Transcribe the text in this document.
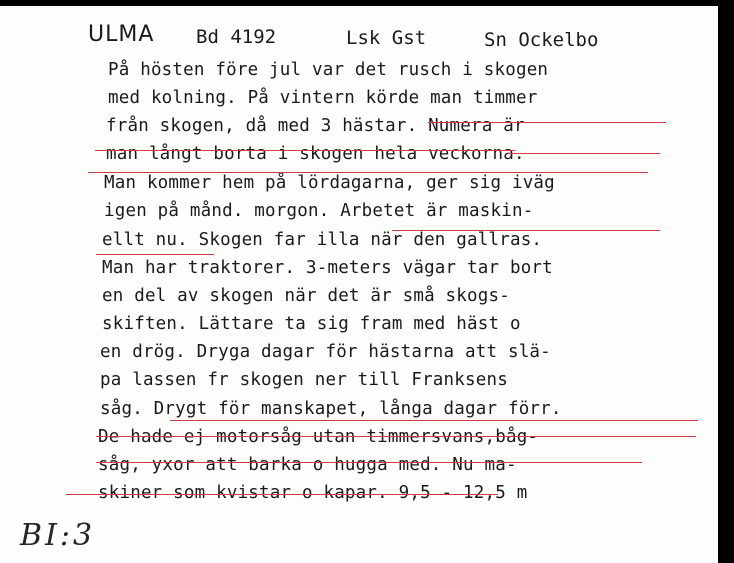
ULMA Bd 4192	Lsk Gst	Sn Ockelbo
På hösten före jul var det rusch i skogen
med kolning. På vintern körde man timmer
från skogen, då med 3 hästar. Numera är
man långt borta i skogen hela veckorna.
Man kommer hem på lördagarna, ger sig iväg
igen på månd. morgon. Arbetet är maskin-
ellt nu. Skogen far illa när den gallras.
Man har traktorer. 3-meters vägar tar bort
en del av skogen när det är små skogs-
skiften. Lättare ta sig fram med häst o
en drög. Dryga dagar för hästarna att slä-
pa lassen fr skogen ner till Franksens
såg. Drygt för manskapet, långa dagar förr.
De hade ej motorsåg utan timmersvans,båg-
såg, yxor att barka o hugga med. Nu ma-
skiner som kvistar o kapar. 9,5 - 12,5 m
BI:3
